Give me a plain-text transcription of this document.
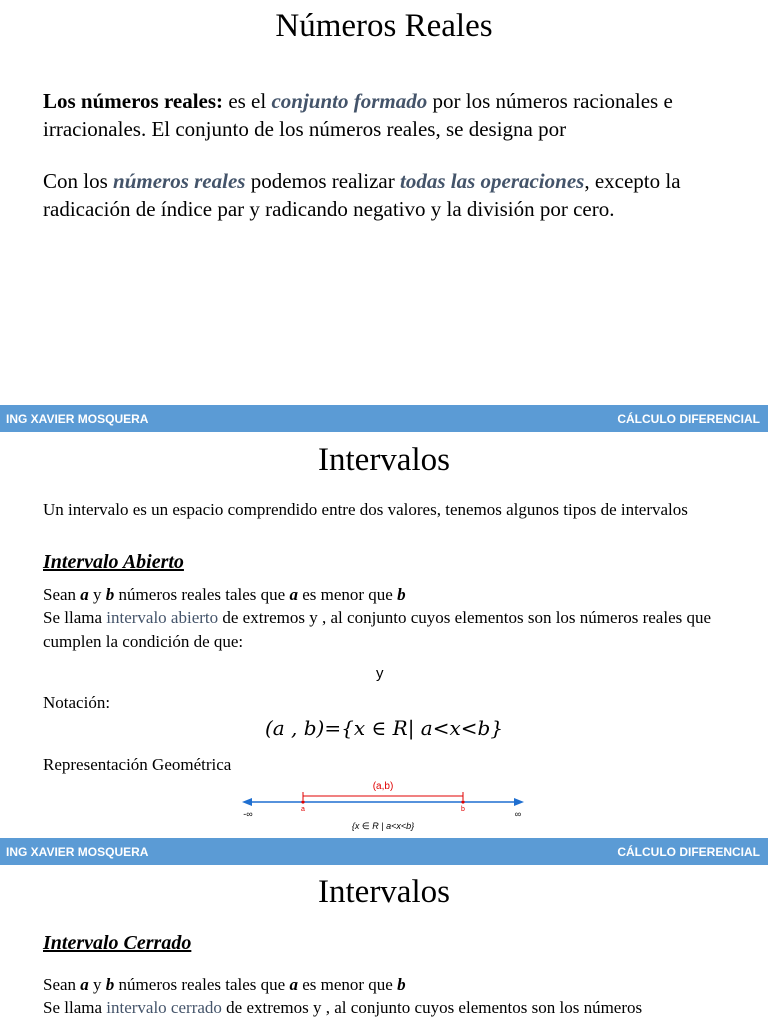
Números Reales

Los números reales: es el conjunto formado por los números racionales e irracionales. El conjunto de los números reales, se designa por

Con los números reales podemos realizar todas las operaciones, excepto la radicación de índice par y radicando negativo y la división por cero.

ING XAVIER MOSQUERA	CÁLCULO DIFERENCIAL
Intervalos

Un intervalo es un espacio comprendido entre dos valores, tenemos algunos tipos de intervalos

Intervalo Abierto

Sean a y b números reales tales que a es menor que b

Se llama intervalo abierto de extremos y , al conjunto cuyos elementos son los números reales que cumplen la condición de que:

y

Notación:

(a , b)={x ∈ R| a<x<b}

Representación Geométrica

(a,b)
a	b
-∞	∞
{x ∈ R | a<x<b}
ING XAVIER MOSQUERA	CÁLCULO DIFERENCIAL
Intervalos
Intervalo Cerrado

Sean a y b números reales tales que a es menor que b

Se llama intervalo cerrado de extremos y , al conjunto cuyos elementos son los números
